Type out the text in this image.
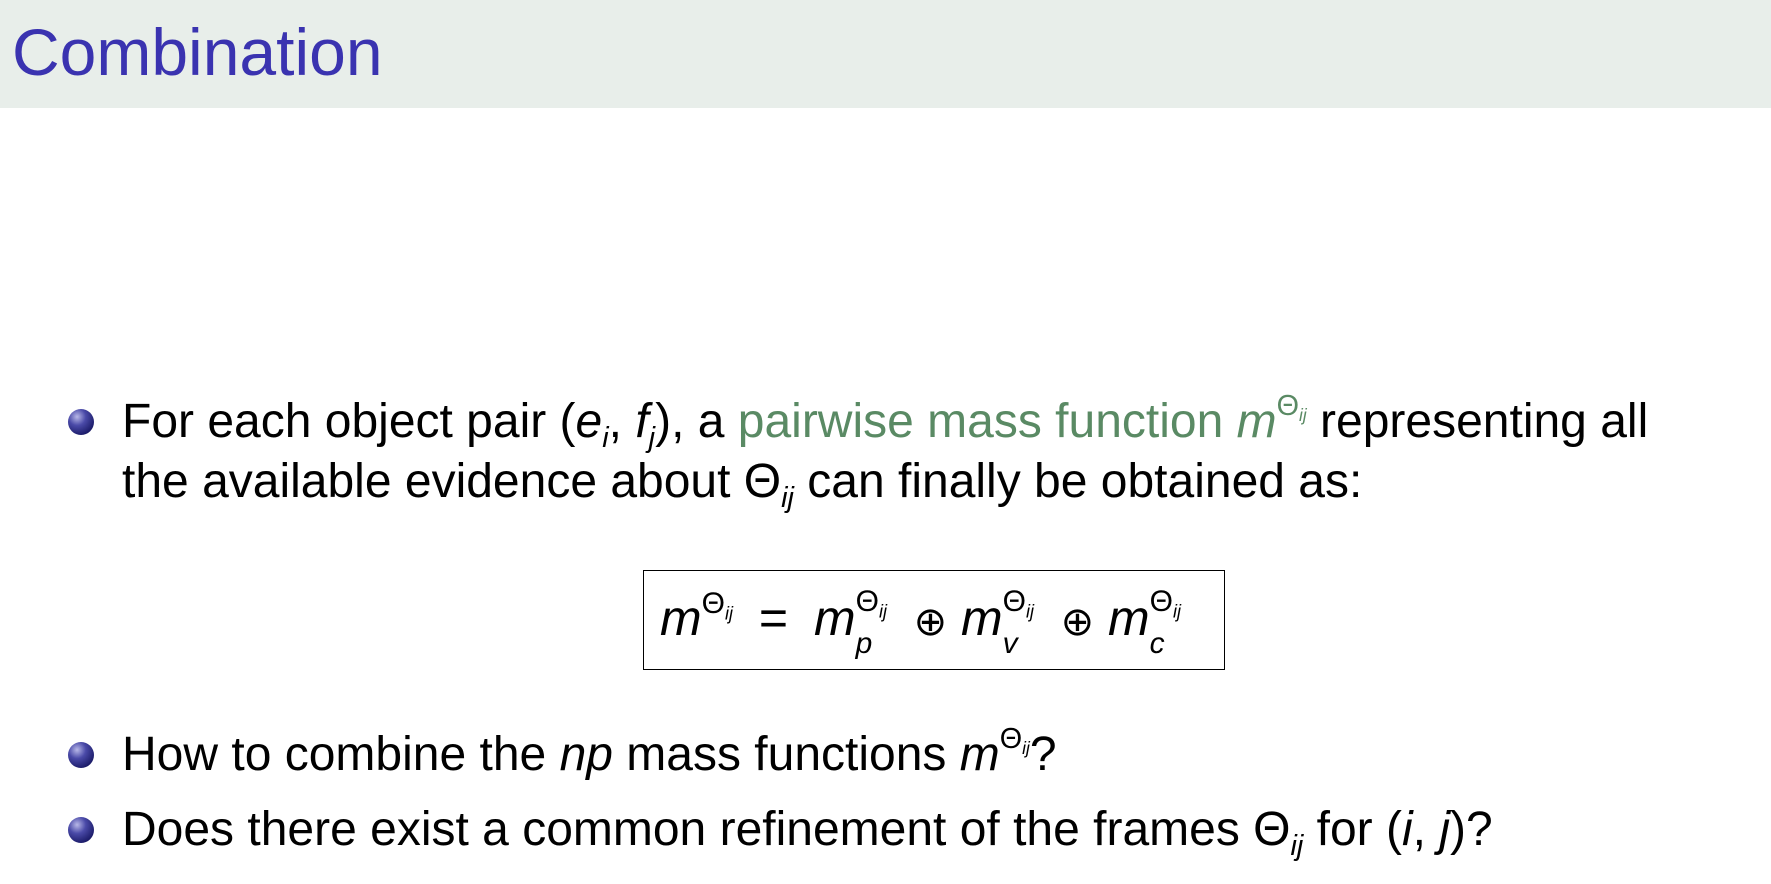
Combination
For each object pair ($e_i$, $f_j$), a pairwise mass function $m^{\Theta_{ij}}$ representing all
the available evidence about $\Theta_{ij}$ can finally be obtained as:
$m^{\Theta_{ij}} = m$ $\Theta_{ij}$
p ⊕ m $\Theta_{ij}$
v ⊕ m $\Theta_{ij}$
c
How to combine the np mass functions $m^{\Theta_{ij}}$?
Does there exist a common refinement of the frames $\Theta_{ij}$ for (i, j)?
